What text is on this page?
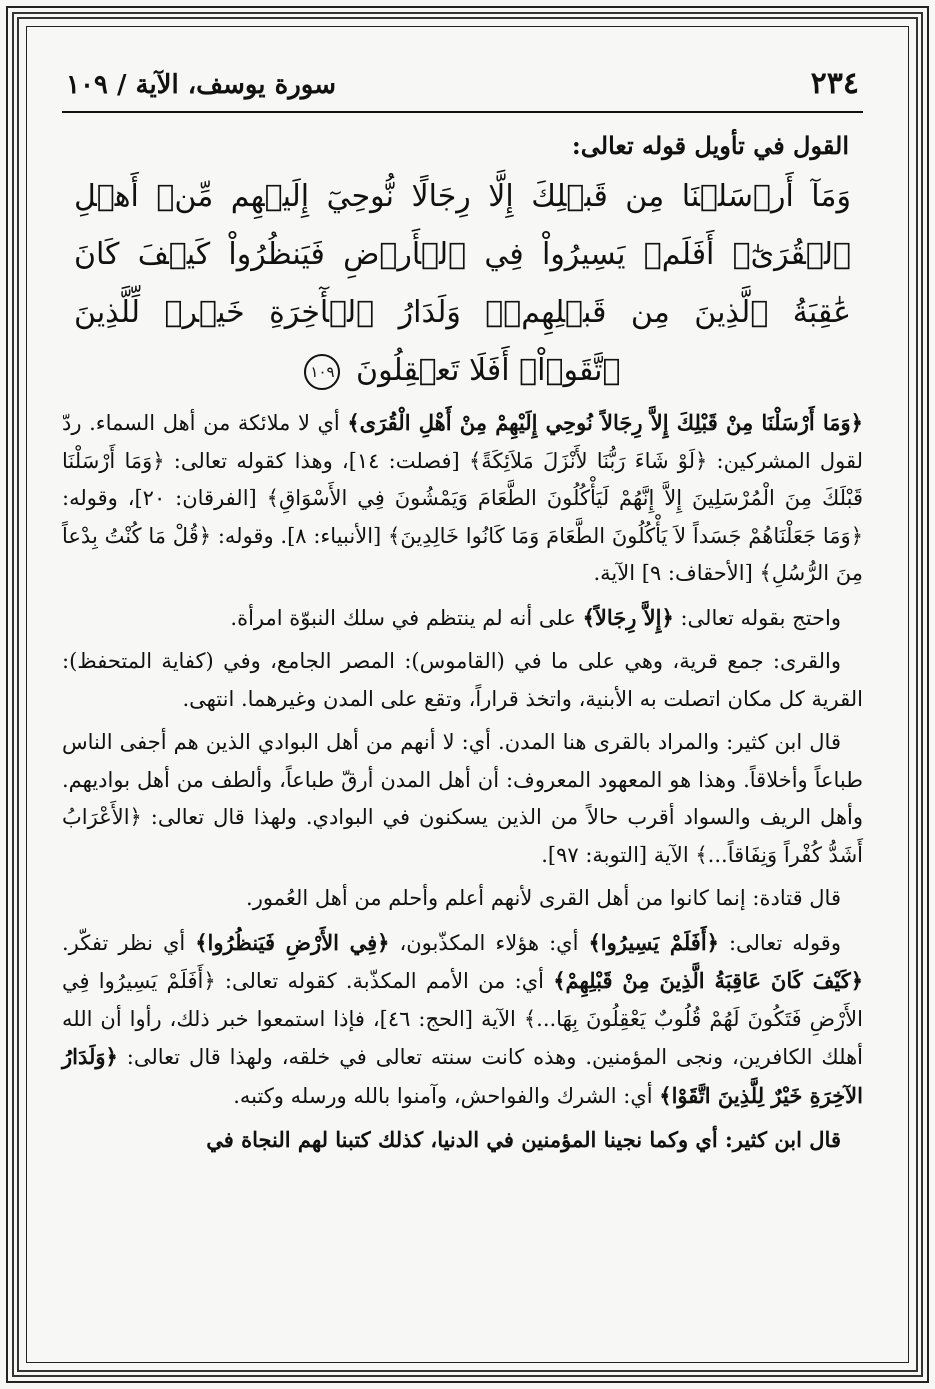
٢٣٤
سورة يوسف، الآية / ١٠٩
القول في تأويل قوله تعالى:
وَمَآ أَرۡسَلۡنَا مِن قَبۡلِكَ إِلَّا رِجَالًا نُّوحِيٓ إِلَيۡهِم مِّنۡ أَهۡلِ ٱلۡقُرَىٰٓۗ أَفَلَمۡ يَسِيرُواْ فِي ٱلۡأَرۡضِ فَيَنظُرُواْ كَيۡفَ كَانَ عَٰقِبَةُ ٱلَّذِينَ مِن قَبۡلِهِمۡۗ وَلَدَارُ ٱلۡأٓخِرَةِ خَيۡرٞ لِّلَّذِينَ ٱتَّقَوۡاْۚ أَفَلَا تَعۡقِلُونَ ١٠٩
﴿وَمَا أَرْسَلْنَا مِنْ قَبْلِكَ إِلاَّ رِجَالاً نُوحِي إِلَيْهِمْ مِنْ أَهْلِ الْقُرَى﴾ أي لا ملائكة من أهل السماء. ردّ لقول المشركين: ﴿لَوْ شَاءَ رَبُّنَا لأَنْزَلَ مَلاَئِكَةً﴾ [فصلت: ١٤]، وهذا كقوله تعالى: ﴿وَمَا أَرْسَلْنَا قَبْلَكَ مِنَ الْمُرْسَلِينَ إِلاَّ إِنَّهُمْ لَيَأْكُلُونَ الطَّعَامَ وَيَمْشُونَ فِي الأَسْوَاقِ﴾ [الفرقان: ٢٠]، وقوله: ﴿وَمَا جَعَلْنَاهُمْ جَسَداً لاَ يَأْكُلُونَ الطَّعَامَ وَمَا كَانُوا خَالِدِينَ﴾ [الأنبياء: ٨]. وقوله: ﴿قُلْ مَا كُنْتُ بِدْعاً مِنَ الرُّسُلِ﴾ [الأحقاف: ٩] الآية.
واحتج بقوله تعالى: ﴿إِلاَّ رِجَالاً﴾ على أنه لم ينتظم في سلك النبوّة امرأة.
والقرى: جمع قرية، وهي على ما في (القاموس): المصر الجامع، وفي (كفاية المتحفظ): القرية كل مكان اتصلت به الأبنية، واتخذ قراراً، وتقع على المدن وغيرهما. انتهى.
قال ابن كثير: والمراد بالقرى هنا المدن. أي: لا أنهم من أهل البوادي الذين هم أجفى الناس طباعاً وأخلاقاً. وهذا هو المعهود المعروف: أن أهل المدن أرقّ طباعاً، وألطف من أهل بواديهم. وأهل الريف والسواد أقرب حالاً من الذين يسكنون في البوادي. ولهذا قال تعالى: ﴿الأَعْرَابُ أَشَدُّ كُفْراً وَنِفَاقاً...﴾ الآية [التوبة: ٩٧].
قال قتادة: إنما كانوا من أهل القرى لأنهم أعلم وأحلم من أهل العُمور.
وقوله تعالى: ﴿أَفَلَمْ يَسِيرُوا﴾ أي: هؤلاء المكذّبون، ﴿فِي الأَرْضِ فَيَنظُرُوا﴾ أي نظر تفكّر. ﴿كَيْفَ كَانَ عَاقِبَةُ الَّذِينَ مِنْ قَبْلِهِمْ﴾ أي: من الأمم المكذّبة. كقوله تعالى: ﴿أَفَلَمْ يَسِيرُوا فِي الأَرْضِ فَتَكُونَ لَهُمْ قُلُوبٌ يَعْقِلُونَ بِهَا...﴾ الآية [الحج: ٤٦]، فإذا استمعوا خبر ذلك، رأوا أن الله أهلك الكافرين، ونجى المؤمنين. وهذه كانت سنته تعالى في خلقه، ولهذا قال تعالى: ﴿وَلَدَارُ الآخِرَةِ خَيْرٌ لِلَّذِينَ اتَّقَوْا﴾ أي: الشرك والفواحش، وآمنوا بالله ورسله وكتبه.
قال ابن كثير: أي وكما نجينا المؤمنين في الدنيا، كذلك كتبنا لهم النجاة في
